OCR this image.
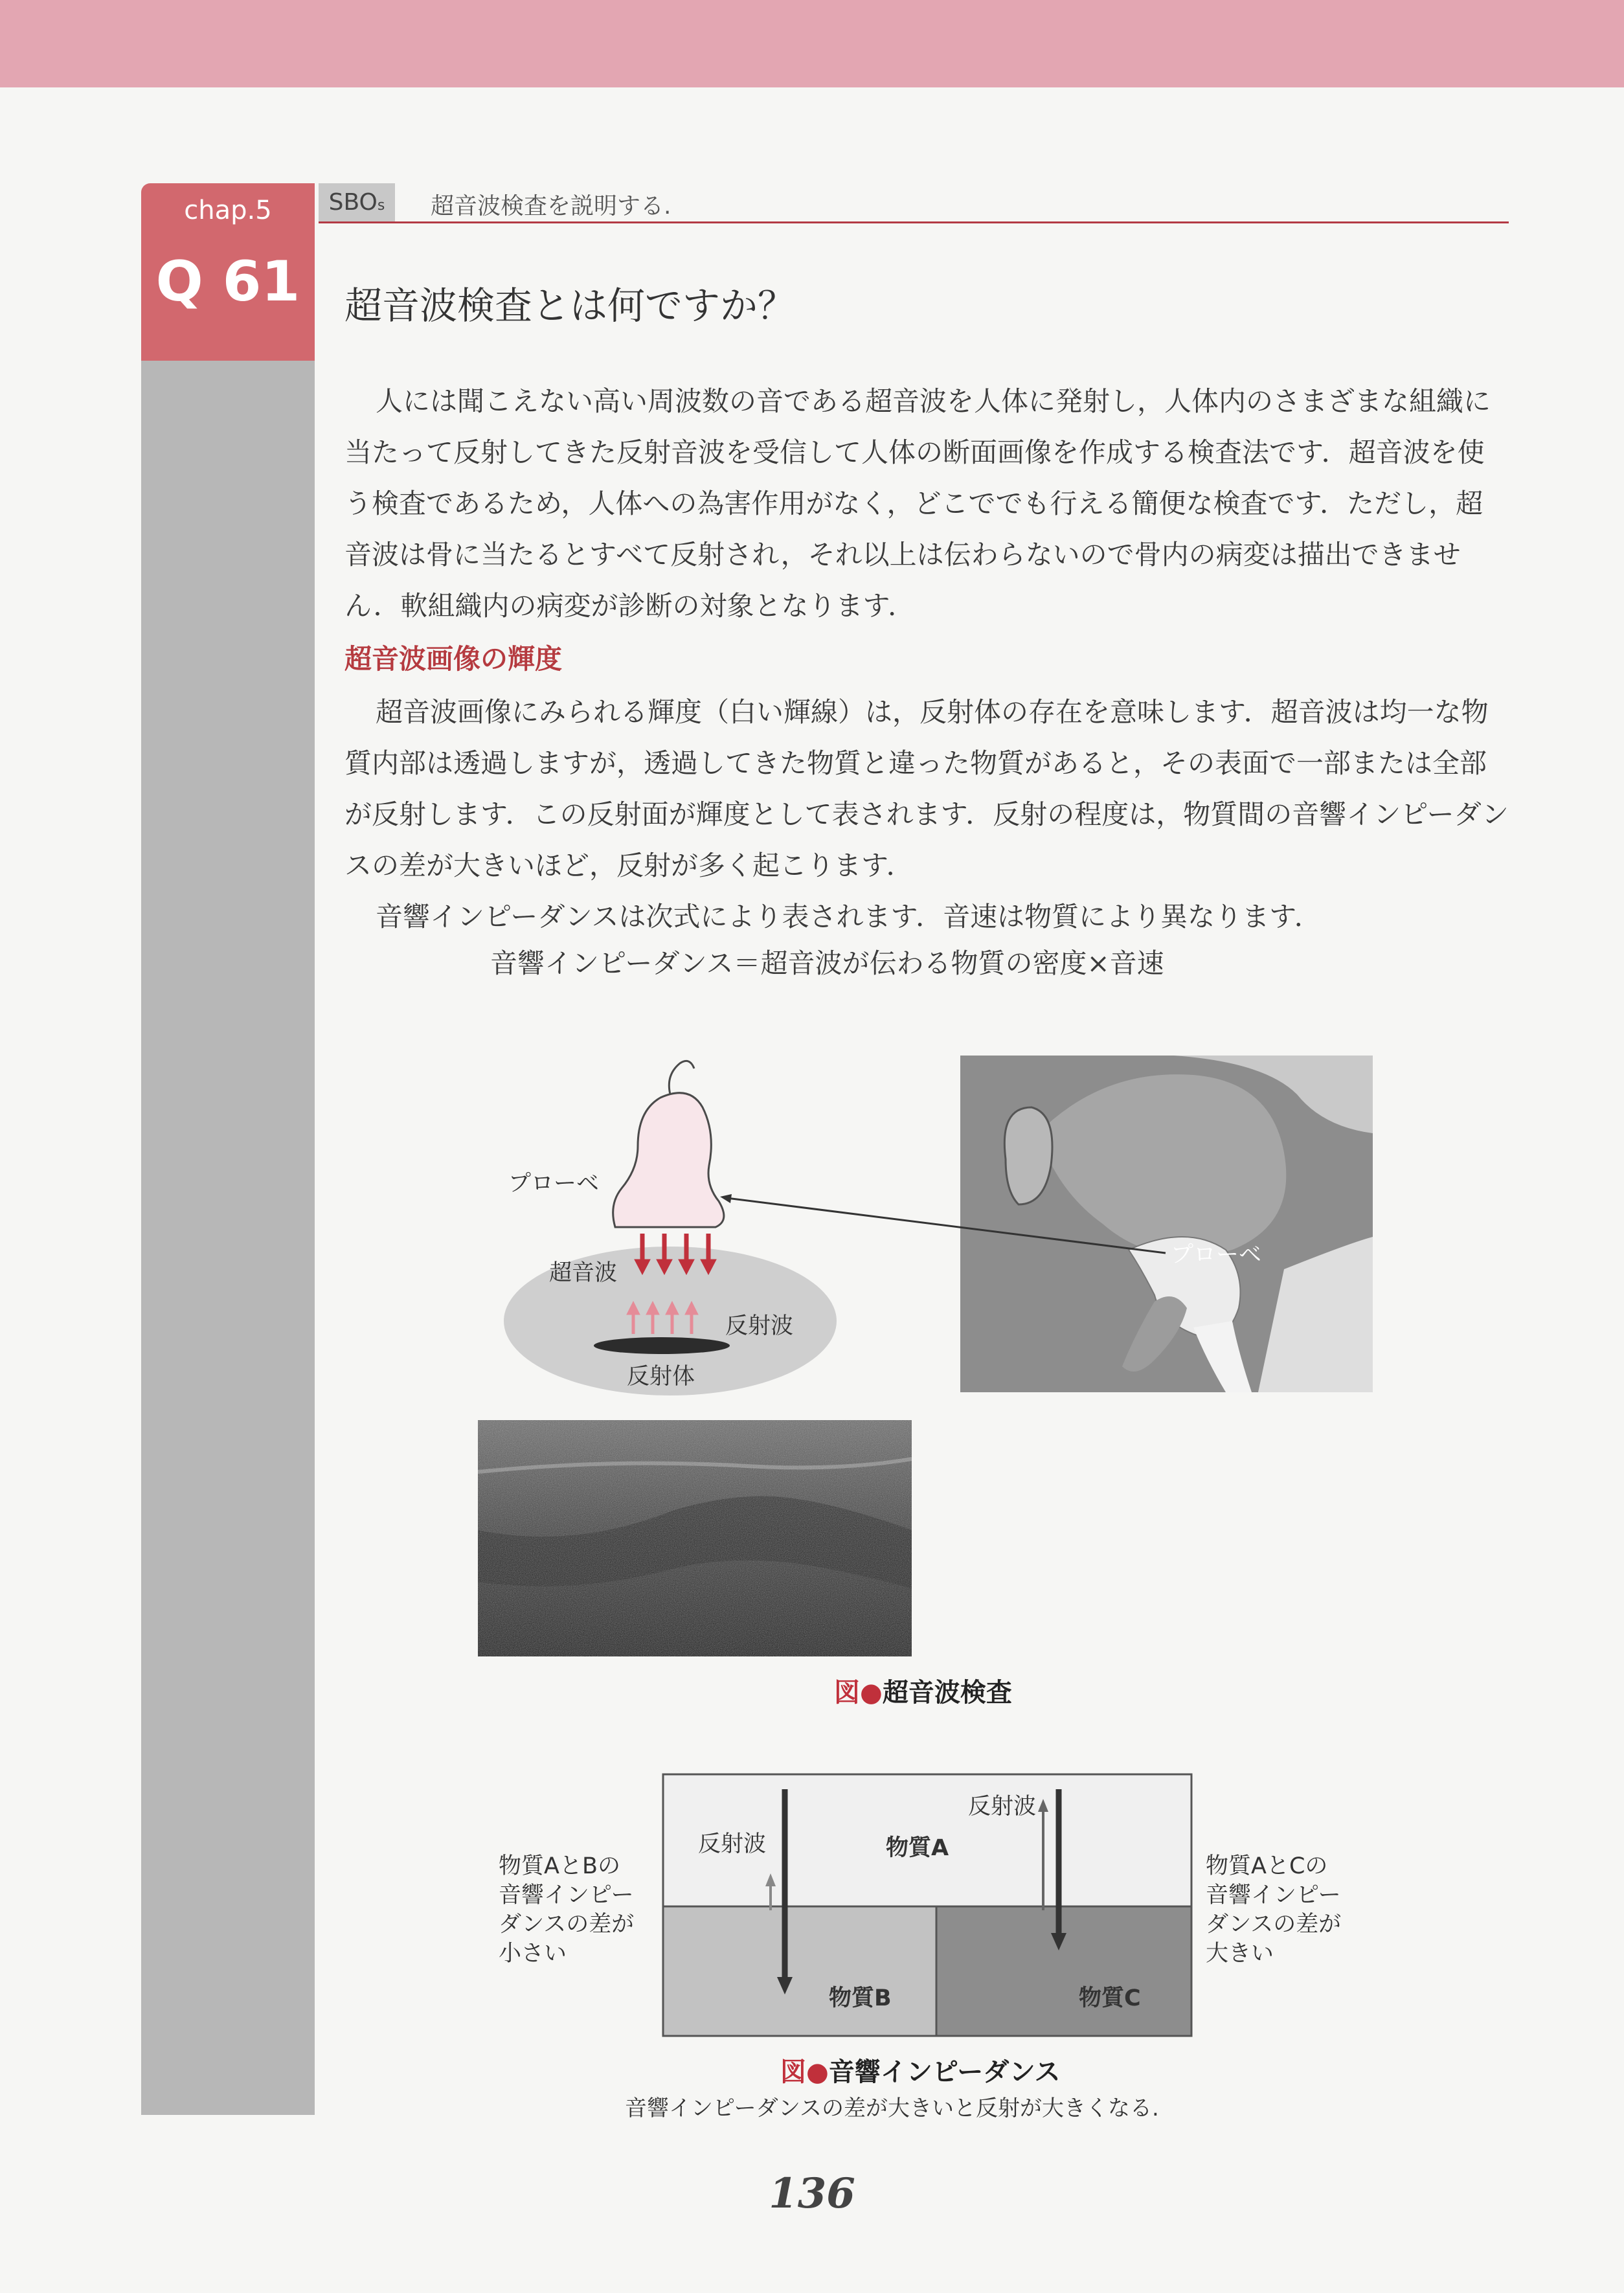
chap.5
Q 61
SBOs	超音波検査を説明する.
超音波検査とは何ですか？

人には聞こえない高い周波数の音である超音波を人体に発射し，人体内のさまざまな組織に当たって反射してきた反射音波を受信して人体の断面画像を作成する検査法です．超音波を使う検査であるため，人体への為害作用がなく，どこででも行える簡便な検査です．ただし，超音波は骨に当たるとすべて反射され，それ以上は伝わらないので骨内の病変は描出できません．軟組織内の病変が診断の対象となります．

超音波画像の輝度

超音波画像にみられる輝度（白い輝線）は，反射体の存在を意味します．超音波は均一な物質内部は透過しますが，透過してきた物質と違った物質があると，その表面で一部または全部が反射します．この反射面が輝度として表されます．反射の程度は，物質間の音響インピーダンスの差が大きいほど，反射が多く起こります．

音響インピーダンスは次式により表されます．音速は物質により異なります．

音響インピーダンス＝超音波が伝わる物質の密度×音速
プローベ
超音波
反射波
反射体
プローベ
図●超音波検査
物質A
物質B	物質C
反射波
反射波
物質AとBの
音響インピー
ダンスの差が
小さい
物質AとCの
音響インピー
ダンスの差が
大きい
図●音響インピーダンス
音響インピーダンスの差が大きいと反射が大きくなる.
136
